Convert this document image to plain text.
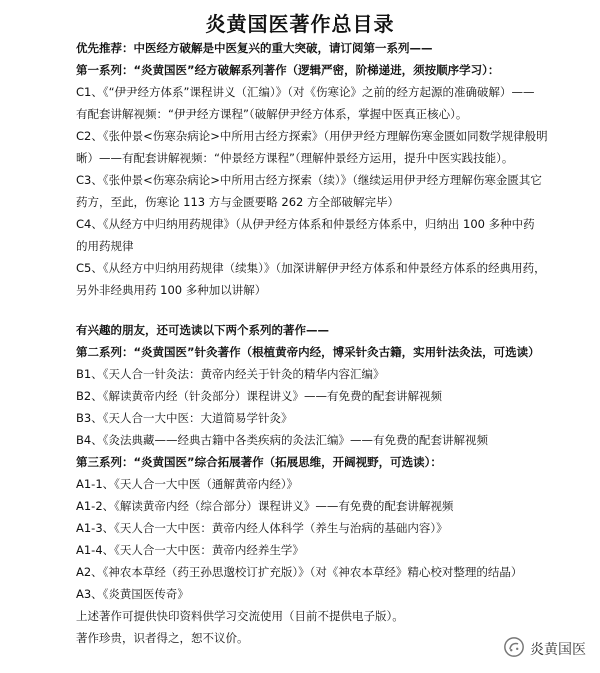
炎黄国医著作总目录
优先推荐：中医经方破解是中医复兴的重大突破，请订阅第一系列——
第一系列：“炎黄国医”经方破解系列著作（逻辑严密，阶梯递进，须按顺序学习）：
C1、《“伊尹经方体系”课程讲义（汇编）》（对《伤寒论》之前的经方起源的准确破解）——
有配套讲解视频：“伊尹经方课程”（破解伊尹经方体系，掌握中医真正核心）。
C2、《张仲景<伤寒杂病论>中所用古经方探索》（用伊尹经方理解伤寒金匮如同数学规律般明
晰）——有配套讲解视频：“仲景经方课程”（理解仲景经方运用，提升中医实践技能）。
C3、《张仲景<伤寒杂病论>中所用古经方探索（续）》（继续运用伊尹经方理解伤寒金匮其它
药方，至此，伤寒论 113 方与金匮要略 262 方全部破解完毕）
C4、《从经方中归纳用药规律》（从伊尹经方体系和仲景经方体系中，归纳出 100 多种中药
的用药规律
C5、《从经方中归纳用药规律（续集）》（加深讲解伊尹经方体系和仲景经方体系的经典用药，
另外非经典用药 100 多种加以讲解）
有兴趣的朋友，还可选读以下两个系列的著作——
第二系列：“炎黄国医”针灸著作（根植黄帝内经，博采针灸古籍，实用针法灸法，可选读）
B1、《天人合一针灸法：黄帝内经关于针灸的精华内容汇编》
B2、《解读黄帝内经（针灸部分）课程讲义》——有免费的配套讲解视频
B3、《天人合一大中医：大道简易学针灸》
B4、《灸法典藏——经典古籍中各类疾病的灸法汇编》——有免费的配套讲解视频
第三系列：“炎黄国医”综合拓展著作（拓展思维，开阔视野，可选读）：
A1-1、《天人合一大中医（通解黄帝内经）》
A1-2、《解读黄帝内经（综合部分）课程讲义》——有免费的配套讲解视频
A1-3、《天人合一大中医：黄帝内经人体科学（养生与治病的基础内容）》
A1-4、《天人合一大中医：黄帝内经养生学》
A2、《神农本草经（药王孙思邈校订扩充版）》（对《神农本草经》精心校对整理的结晶）
A3、《炎黄国医传奇》
上述著作可提供快印资料供学习交流使用（目前不提供电子版）。
著作珍贵，识者得之，恕不议价。
炎黄国医
